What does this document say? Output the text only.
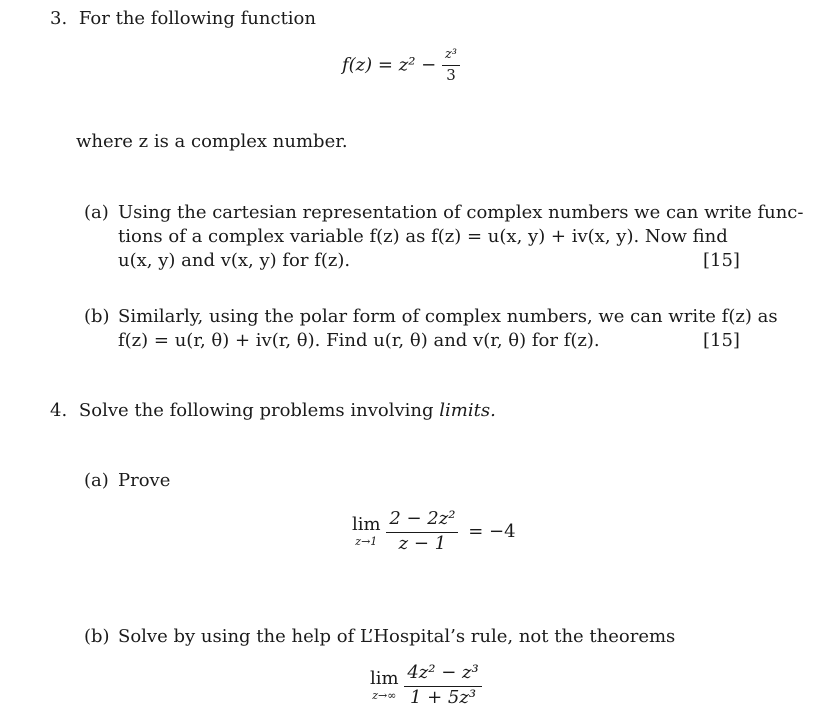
3. For the following function
$f(z) = z^2 - \frac{\text{z³}}{3}$
where z is a complex number.
(a) Using the cartesian representation of complex numbers we can write func-
tions of a complex variable f(z) as f(z) = u(x, y) + iv(x, y). Now find
u(x, y) and v(x, y) for f(z).	[15]
(b) Similarly, using the polar form of complex numbers, we can write f(z) as
f(z) = u(r, θ) + iv(r, θ). Find u(r, θ) and v(r, θ) for f(z).	[15]
4. Solve the following problems involving limits.
(a) Prove
lim
z→1
$\frac{\text{2 − 2z²}}{z - 1} = -4$
(b) Solve by using the help of L’Hospital’s rule, not the theorems
lim
z→∞
$\frac{\text{4z² − z³}}{\text{1 + 5z³}}$
